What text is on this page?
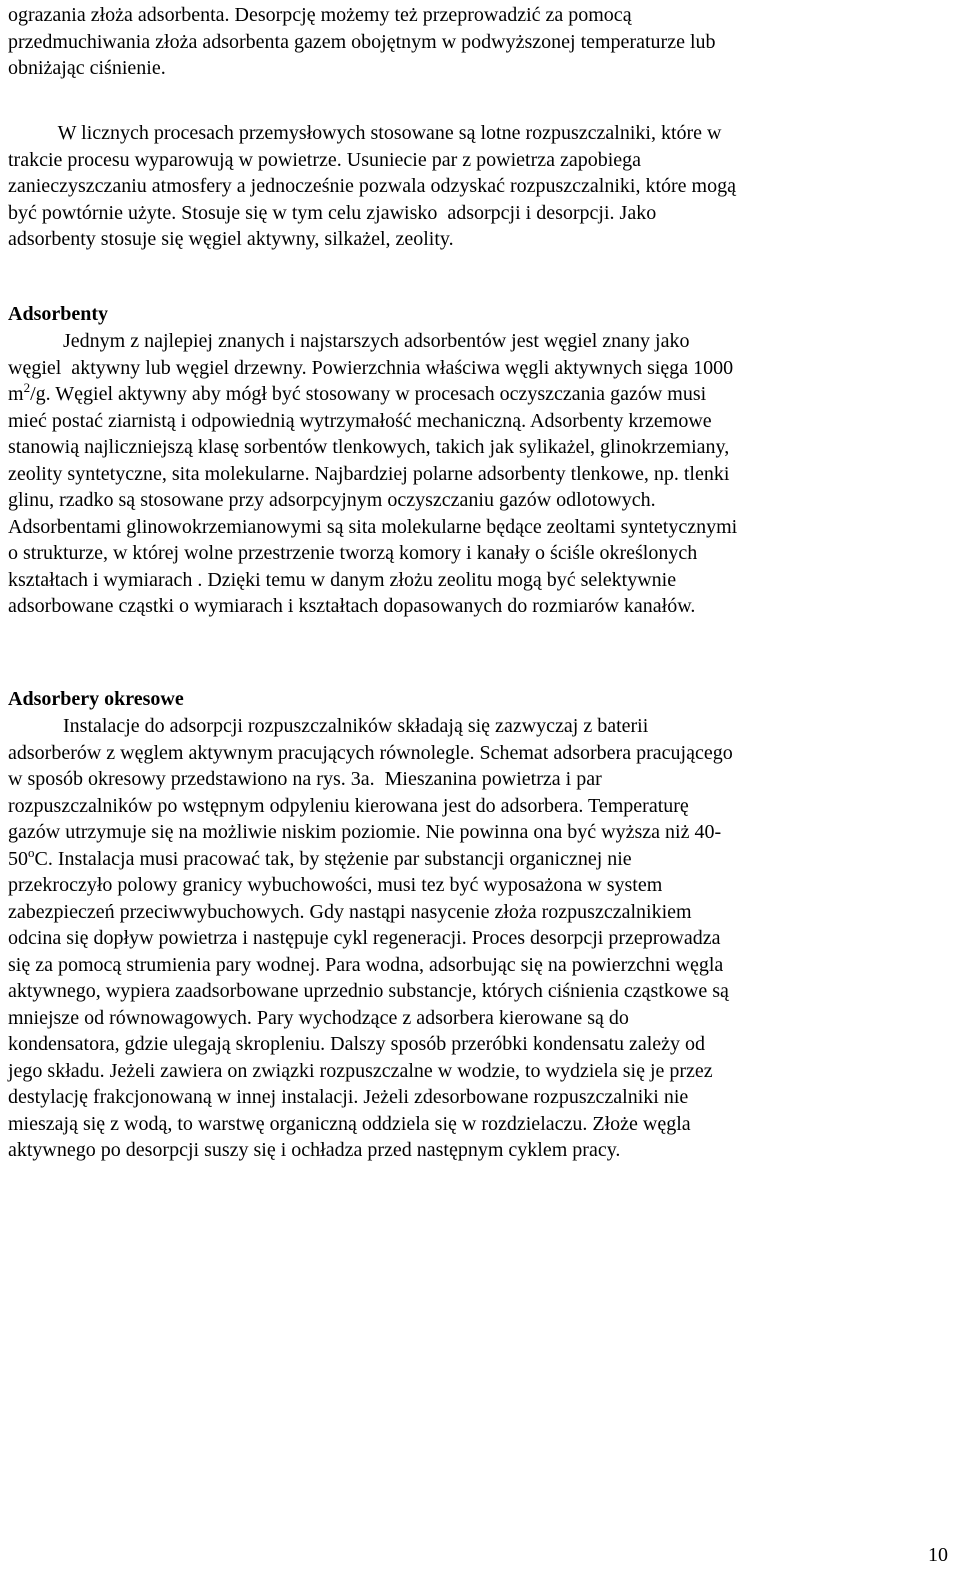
ograzania złoża adsorbenta. Desorpcję możemy też przeprowadzić za pomocą
przedmuchiwania złoża adsorbenta gazem obojętnym w podwyższonej temperaturze lub
obniżając ciśnienie.

W licznych procesach przemysłowych stosowane są lotne rozpuszczalniki, które w
trakcie procesu wyparowują w powietrze. Usuniecie par z powietrza zapobiega
zanieczyszczaniu atmosfery a jednocześnie pozwala odzyskać rozpuszczalniki, które mogą
być powtórnie użyte. Stosuje się w tym celu zjawisko  adsorpcji i desorpcji. Jako
adsorbenty stosuje się węgiel aktywny, silkażel, zeolity.

Adsorbenty

Jednym z najlepiej znanych i najstarszych adsorbentów jest węgiel znany jako
węgiel  aktywny lub węgiel drzewny. Powierzchnia właściwa węgli aktywnych sięga 1000
$m^2/g$. Węgiel aktywny aby mógł być stosowany w procesach oczyszczania gazów musi
mieć postać ziarnistą i odpowiednią wytrzymałość mechaniczną. Adsorbenty krzemowe
stanowią najliczniejszą klasę sorbentów tlenkowych, takich jak sylikażel, glinokrzemiany,
zeolity syntetyczne, sita molekularne. Najbardziej polarne adsorbenty tlenkowe, np. tlenki
glinu, rzadko są stosowane przy adsorpcyjnym oczyszczaniu gazów odlotowych.
Adsorbentami glinowokrzemianowymi są sita molekularne będące zeoltami syntetycznymi
o strukturze, w której wolne przestrzenie tworzą komory i kanały o ściśle określonych
kształtach i wymiarach . Dzięki temu w danym złożu zeolitu mogą być selektywnie
adsorbowane cząstki o wymiarach i kształtach dopasowanych do rozmiarów kanałów.

Adsorbery okresowe

Instalacje do adsorpcji rozpuszczalników składają się zazwyczaj z baterii
adsorberów z węglem aktywnym pracujących równolegle. Schemat adsorbera pracującego
w sposób okresowy przedstawiono na rys. 3a.  Mieszanina powietrza i par
rozpuszczalników po wstępnym odpyleniu kierowana jest do adsorbera. Temperaturę
gazów utrzymuje się na możliwie niskim poziomie. Nie powinna ona być wyższa niż 40-
50$^o$C. Instalacja musi pracować tak, by stężenie par substancji organicznej nie
przekroczyło polowy granicy wybuchowości, musi tez być wyposażona w system
zabezpieczeń przeciwwybuchowych. Gdy nastąpi nasycenie złoża rozpuszczalnikiem
odcina się dopływ powietrza i następuje cykl regeneracji. Proces desorpcji przeprowadza
się za pomocą strumienia pary wodnej. Para wodna, adsorbując się na powierzchni węgla
aktywnego, wypiera zaadsorbowane uprzednio substancje, których ciśnienia cząstkowe są
mniejsze od równowagowych. Pary wychodzące z adsorbera kierowane są do
kondensatora, gdzie ulegają skropleniu. Dalszy sposób przeróbki kondensatu zależy od
jego składu. Jeżeli zawiera on związki rozpuszczalne w wodzie, to wydziela się je przez
destylację frakcjonowaną w innej instalacji. Jeżeli zdesorbowane rozpuszczalniki nie
mieszają się z wodą, to warstwę organiczną oddziela się w rozdzielaczu. Złoże węgla
aktywnego po desorpcji suszy się i ochładza przed następnym cyklem pracy.

10
